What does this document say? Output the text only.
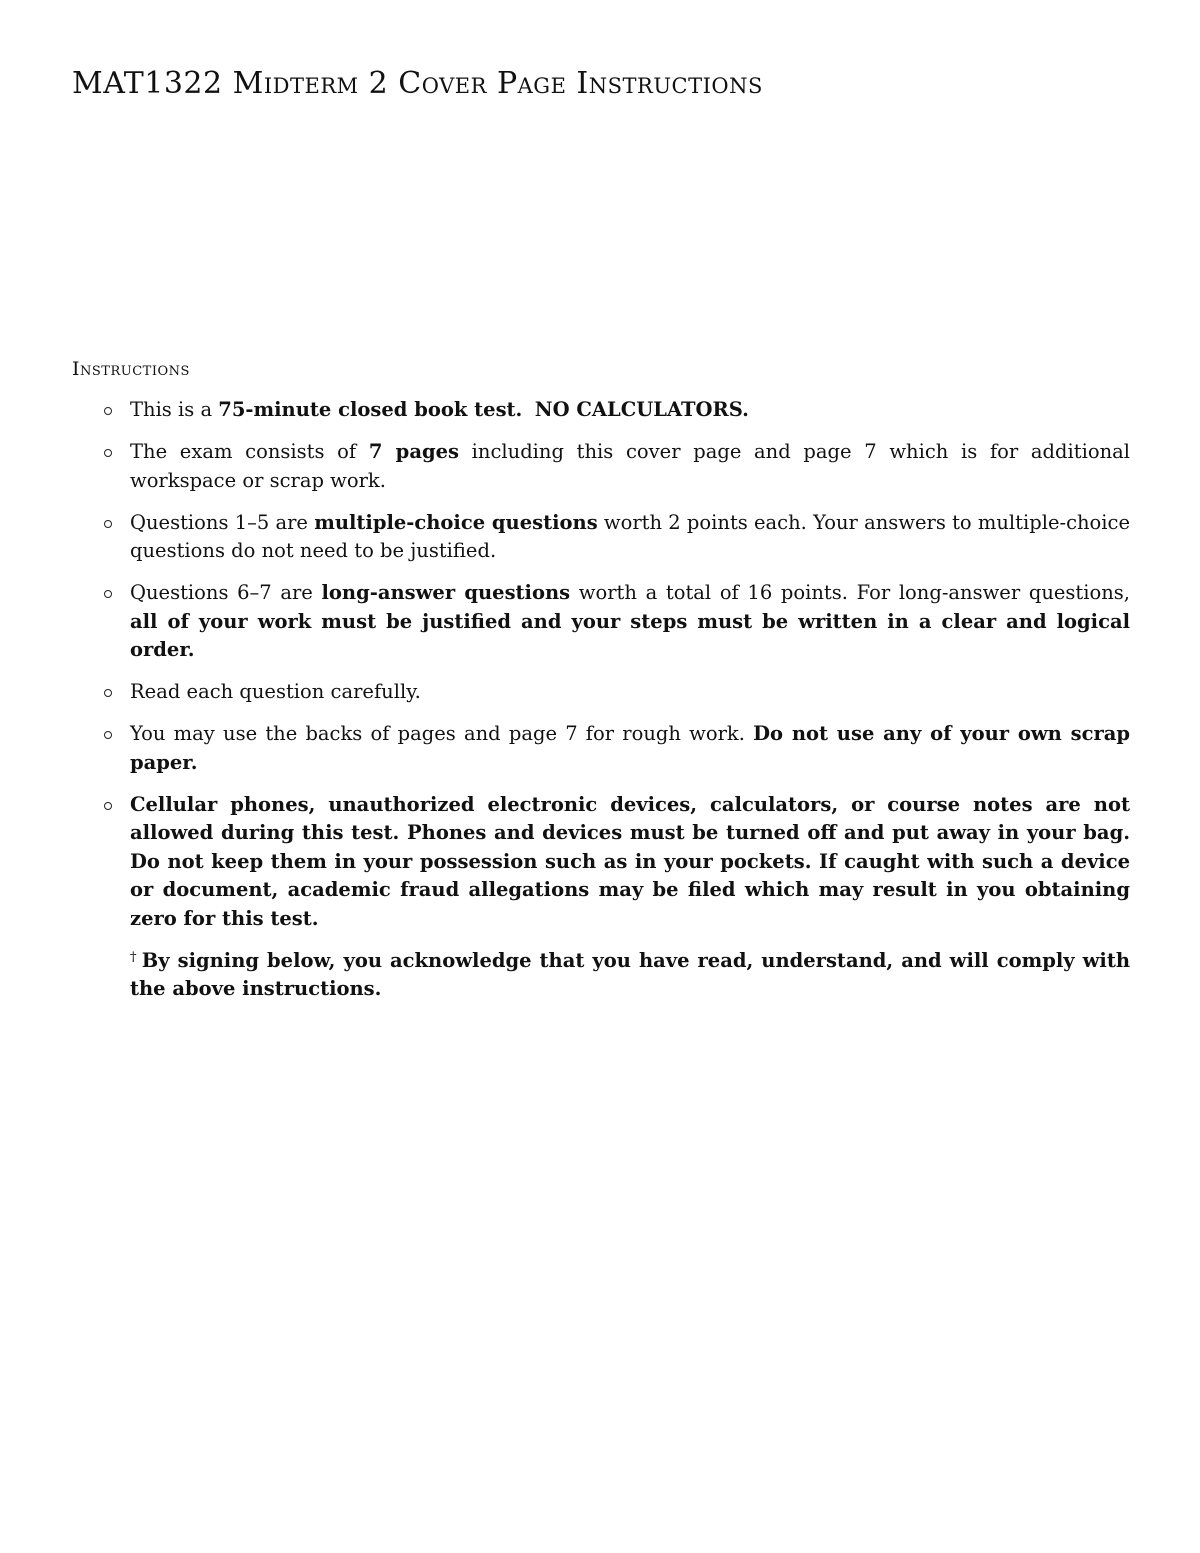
MAT1322 Midterm 2 Cover Page Instructions
Instructions
This is a 75-minute closed book test. NO CALCULATORS.
The exam consists of 7 pages including this cover page and page 7 which is for additional workspace or scrap work.
Questions 1–5 are multiple-choice questions worth 2 points each. Your answers to multiple-choice questions do not need to be justified.
Questions 6–7 are long-answer questions worth a total of 16 points. For long-answer questions, all of your work must be justified and your steps must be written in a clear and logical order.
Read each question carefully.
You may use the backs of pages and page 7 for rough work. Do not use any of your own scrap paper.
Cellular phones, unauthorized electronic devices, calculators, or course notes are not allowed during this test. Phones and devices must be turned off and put away in your bag. Do not keep them in your possession such as in your pockets. If caught with such a device or document, academic fraud allegations may be filed which may result in you obtaining zero for this test.
† By signing below, you acknowledge that you have read, understand, and will comply with the above instructions.
